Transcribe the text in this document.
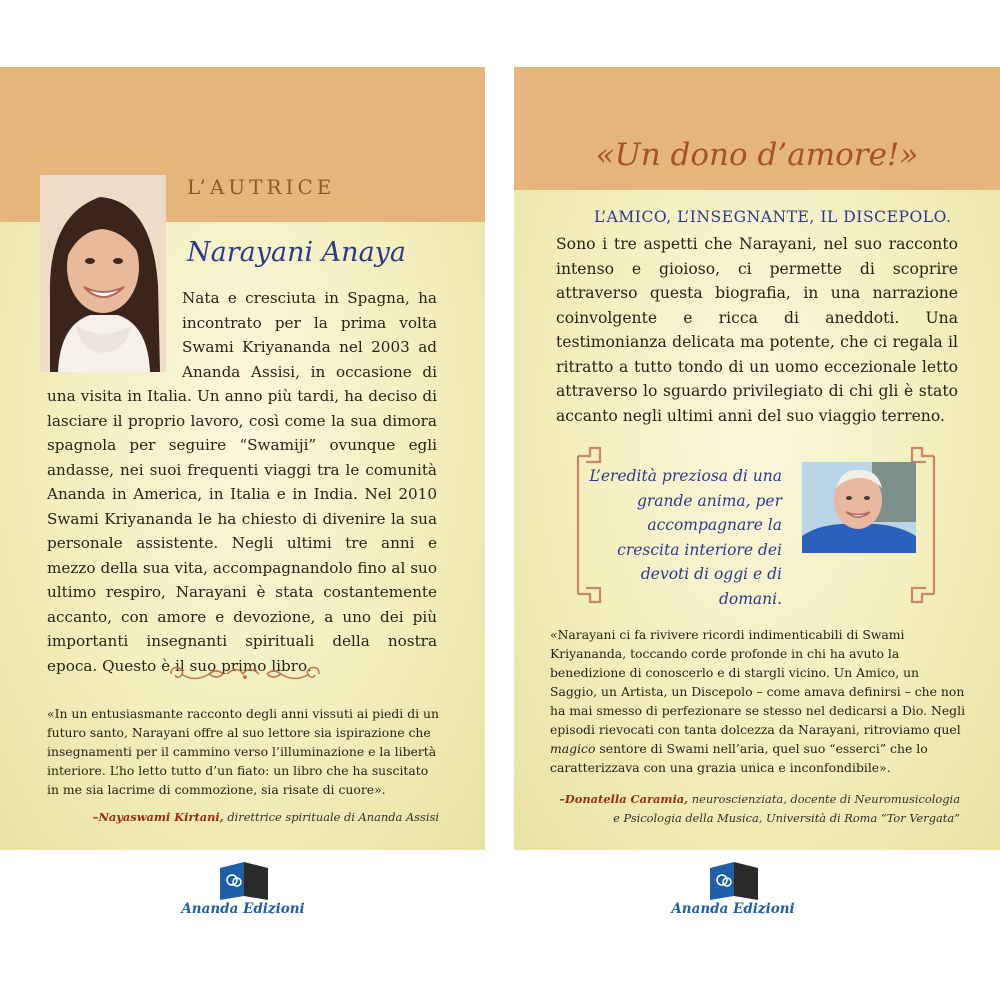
L’AUTRICE
Narayani Anaya
Nata e cresciuta in Spagna, ha incontrato per la prima volta Swami Kriyananda nel 2003 ad Ananda Assisi, in occasione di una visita in Italia. Un anno più tardi, ha deciso di lasciare il proprio lavoro, così come la sua dimora spagnola per seguire “Swamiji” ovunque egli andasse, nei suoi frequenti viaggi tra le comunità Ananda in America, in Italia e in India. Nel 2010 Swami Kriyananda le ha chiesto di divenire la sua personale assistente. Negli ultimi tre anni e mezzo della sua vita, accompagnandolo fino al suo ultimo respiro, Narayani è stata costantemente accanto, con amore e devozione, a uno dei più importanti insegnanti spirituali della nostra epoca. Questo è il suo primo libro.
«In un entusiasmante racconto degli anni vissuti ai piedi di un futuro santo, Narayani offre al suo lettore sia ispirazione che insegnamenti per il cammino verso l’illuminazione e la libertà interiore. L’ho letto tutto d’un fiato: un libro che ha suscitato in me sia lacrime di commozione, sia risate di cuore».
–Nayaswami Kirtani, direttrice spirituale di Ananda Assisi
«Un dono d’amore!»
L’AMICO, L’INSEGNANTE, IL DISCEPOLO.
Sono i tre aspetti che Narayani, nel suo racconto intenso e gioioso, ci permette di scoprire attraverso questa biografia, in una narrazione coinvolgente e ricca di aneddoti. Una testimonianza delicata ma potente, che ci regala il ritratto a tutto tondo di un uomo eccezionale letto attraverso lo sguardo privilegiato di chi gli è stato accanto negli ultimi anni del suo viaggio terreno.
L’eredità preziosa di una grande anima, per accompagnare la crescita interiore dei devoti di oggi e di domani.
«Narayani ci fa rivivere ricordi indimenticabili di Swami Kriyananda, toccando corde profonde in chi ha avuto la benedizione di conoscerlo e di stargli vicino. Un Amico, un Saggio, un Artista, un Discepolo – come amava definirsi – che non ha mai smesso di perfezionare se stesso nel dedicarsi a Dio. Negli episodi rievocati con tanta dolcezza da Narayani, ritroviamo quel magico sentore di Swami nell’aria, quel suo “esserci” che lo caratterizzava con una grazia unica e inconfondibile».
–Donatella Caramia, neuroscienziata, docente di Neuromusicologia
e Psicologia della Musica, Università di Roma “Tor Vergata”
Ananda Edizioni	Ananda Edizioni
